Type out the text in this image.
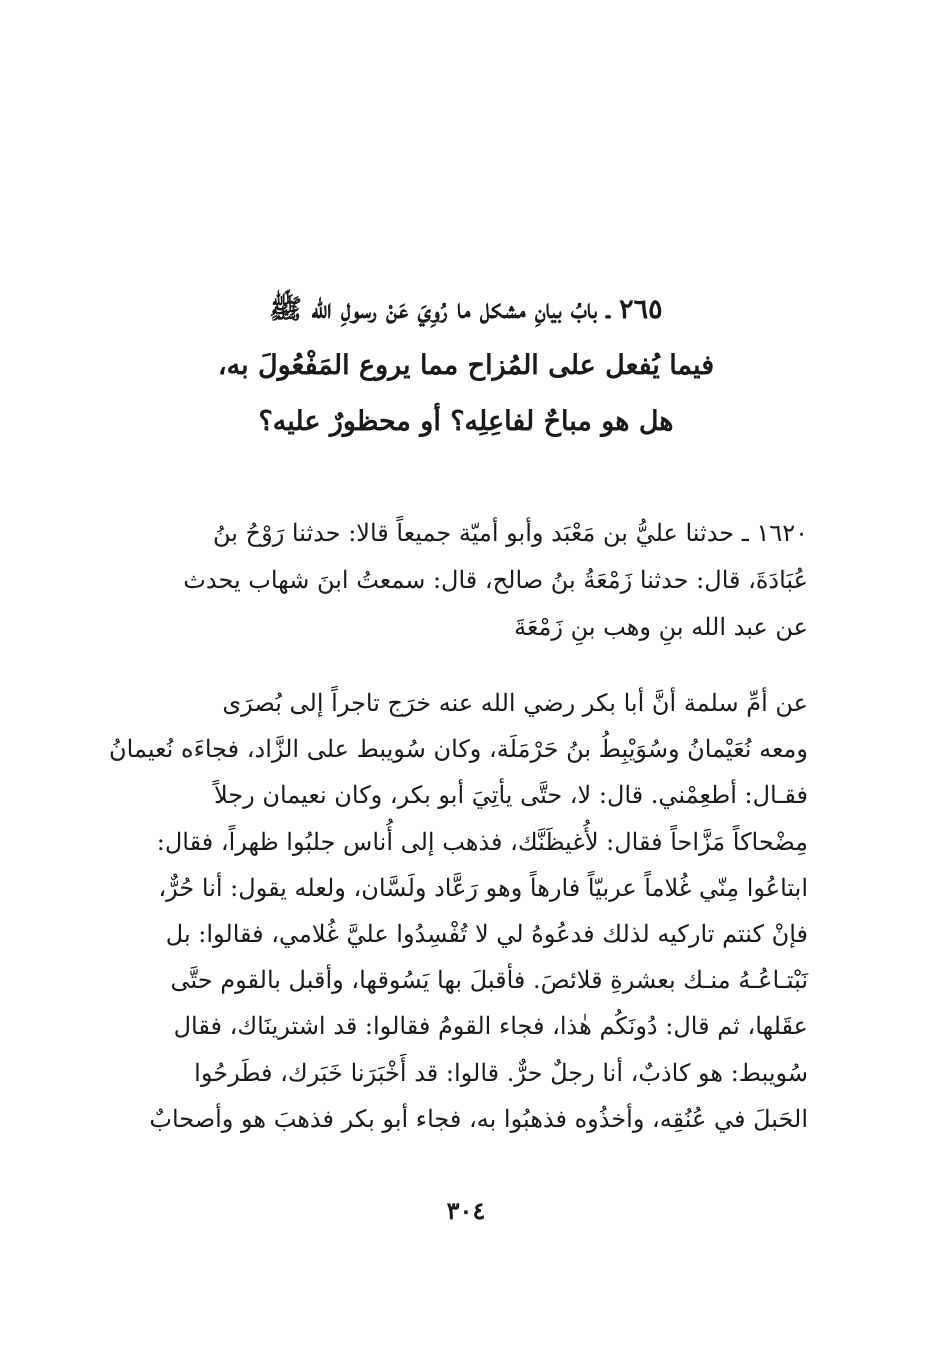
٢٦٥ ـ بابُ بيانِ مشكل ما رُوِيَ عَنْ رسولِ الله ﷺ
فيما يُفعل على المُزاح مما يروع المَفْعُولَ به،
هل هو مباحٌ لفاعِلِه؟ أو محظورٌ عليه؟
١٦٢٠ ـ حدثنا عليُّ بن مَعْبَد وأبو أميّة جميعاً قالا: حدثنا رَوْحُ بنُ
عُبَادَةَ، قال: حدثنا زَمْعَةُ بنُ صالح، قال: سمعتُ ابنَ شهاب يحدث
عن عبد الله بنِ وهب بنِ زَمْعَةَ
عن أمِّ سلمة أنَّ أبا بكر رضي الله عنه خرَج تاجراً إلى بُصرَى
ومعه نُعَيْمانُ وسُوَيْبِطُ بنُ حَرْمَلَة، وكان سُويبط على الزَّاد، فجاءَه نُعيمانُ
فقـال: أطعِمْني. قال: لا، حتَّى يأتِيَ أبو بكر، وكان نعيمان رجلاً
مِضْحاكاً مَزَّاحاً فقال: لأُغيظَنَّك، فذهب إلى أُناس جلبُوا ظهراً، فقال:
ابتاعُوا مِنّي غُلاماً عربيّاً فارهاً وهو رَعَّاد ولَسَّان، ولعله يقول: أنا حُرٌّ،
فإنْ كنتم تاركيه لذلك فدعُوهُ لي لا تُفْسِدُوا عليَّ غُلامي، فقالوا: بل
نَبْتـاعُـهُ منـك بعشرةِ قلائصَ. فأقبلَ بها يَسُوقها، وأقبل بالقوم حتَّى
عقَلها، ثم قال: دُونَكُم هٰذا، فجاء القومُ فقالوا: قد اشترينَاك، فقال
سُويبط: هو كاذبٌ، أنا رجلٌ حرٌّ. قالوا: قد أَخْبَرَنا خَبَرك، فطَرحُوا
الحَبلَ في عُنُقِه، وأخذُوه فذهبُوا به، فجاء أبو بكر فذهبَ هو وأصحابٌ
٣٠٤
